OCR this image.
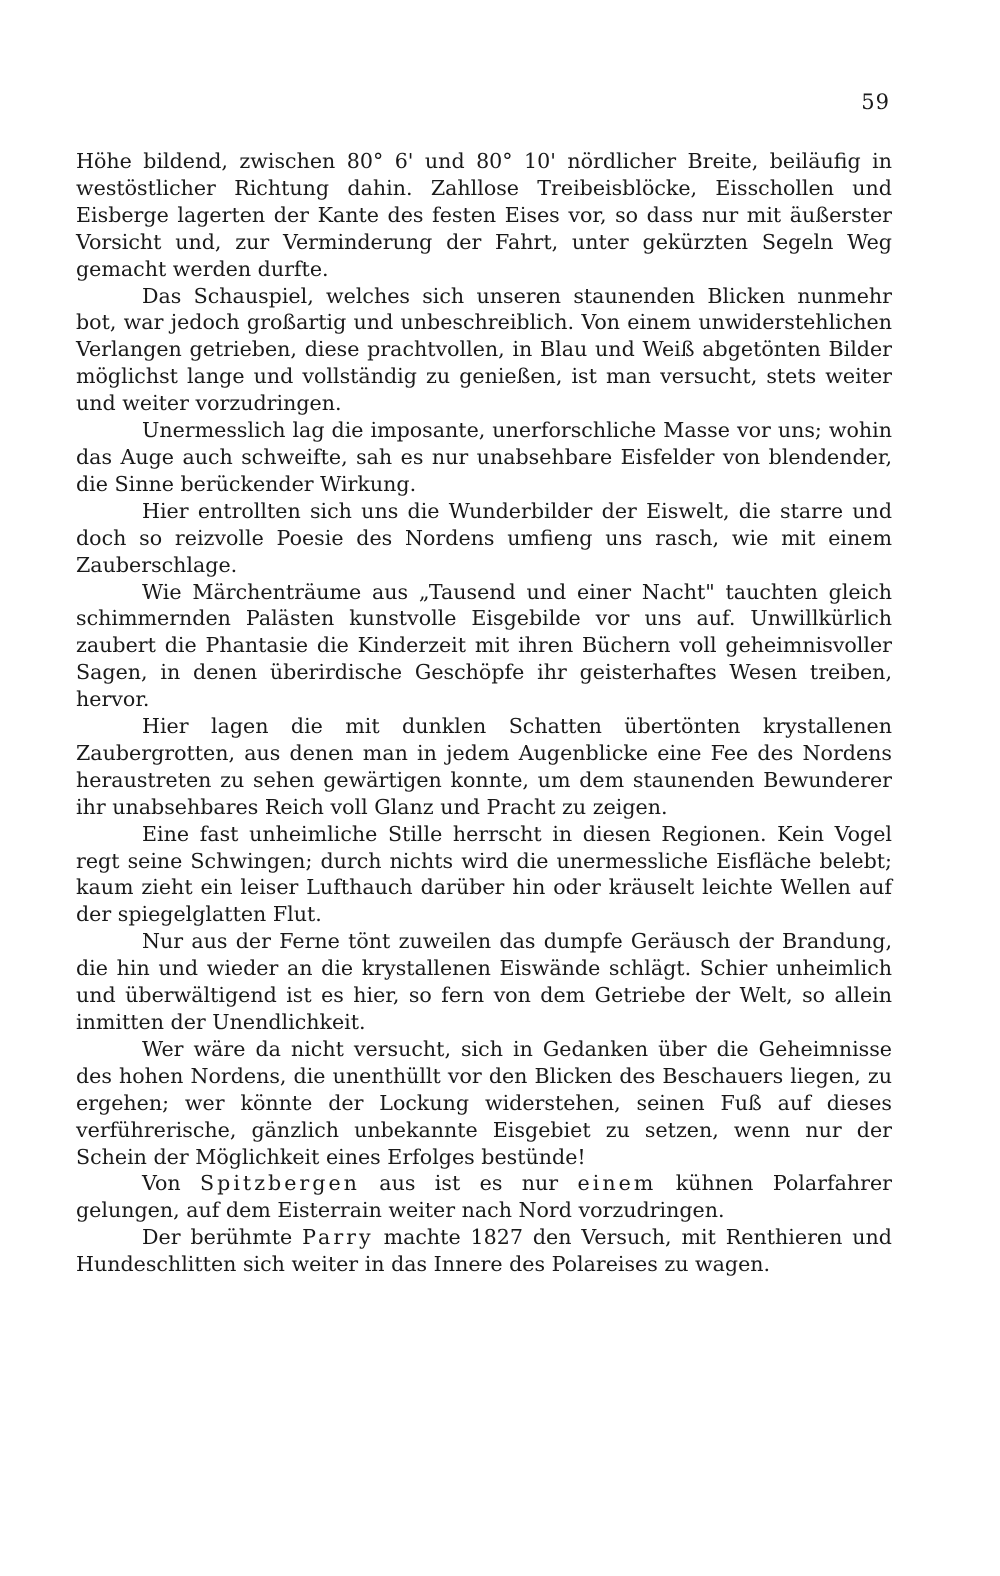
59

Höhe bildend, zwischen 80° 6' und 80° 10' nördlicher Breite, beiläufig in westöstlicher Richtung dahin. Zahllose Treibeisblöcke, Eisschollen und Eisberge lagerten der Kante des festen Eises vor, so dass nur mit äußerster Vorsicht und, zur Verminderung der Fahrt, unter gekürzten Segeln Weg gemacht werden durfte.

Das Schauspiel, welches sich unseren staunenden Blicken nunmehr bot, war jedoch großartig und unbeschreiblich. Von einem unwiderstehlichen Verlangen getrieben, diese prachtvollen, in Blau und Weiß abgetönten Bilder möglichst lange und vollständig zu genießen, ist man versucht, stets weiter und weiter vorzudringen.

Unermesslich lag die imposante, unerforschliche Masse vor uns; wohin das Auge auch schweifte, sah es nur unabsehbare Eisfelder von blendender, die Sinne berückender Wirkung.

Hier entrollten sich uns die Wunderbilder der Eiswelt, die starre und doch so reizvolle Poesie des Nordens umfieng uns rasch, wie mit einem Zauberschlage.

Wie Märchenträume aus „Tausend und einer Nacht" tauchten gleich schimmernden Palästen kunstvolle Eisgebilde vor uns auf. Unwillkürlich zaubert die Phantasie die Kinderzeit mit ihren Büchern voll geheimnisvoller Sagen, in denen überirdische Geschöpfe ihr geisterhaftes Wesen treiben, hervor.

Hier lagen die mit dunklen Schatten übertönten krystallenen Zaubergrotten, aus denen man in jedem Augenblicke eine Fee des Nordens heraustreten zu sehen gewärtigen konnte, um dem staunenden Bewunderer ihr unabsehbares Reich voll Glanz und Pracht zu zeigen.

Eine fast unheimliche Stille herrscht in diesen Regionen. Kein Vogel regt seine Schwingen; durch nichts wird die unermessliche Eisfläche belebt; kaum zieht ein leiser Lufthauch darüber hin oder kräuselt leichte Wellen auf der spiegelglatten Flut.

Nur aus der Ferne tönt zuweilen das dumpfe Geräusch der Brandung, die hin und wieder an die krystallenen Eiswände schlägt. Schier unheimlich und überwältigend ist es hier, so fern von dem Getriebe der Welt, so allein inmitten der Unendlichkeit.

Wer wäre da nicht versucht, sich in Gedanken über die Geheimnisse des hohen Nordens, die unenthüllt vor den Blicken des Beschauers liegen, zu ergehen; wer könnte der Lockung widerstehen, seinen Fuß auf dieses verführerische, gänzlich unbekannte Eisgebiet zu setzen, wenn nur der Schein der Möglichkeit eines Erfolges bestünde!

Von Spitzbergen aus ist es nur einem kühnen Polarfahrer gelungen, auf dem Eisterrain weiter nach Nord vorzudringen.

Der berühmte Parry machte 1827 den Versuch, mit Renthieren und Hundeschlitten sich weiter in das Innere des Polareises zu wagen.
